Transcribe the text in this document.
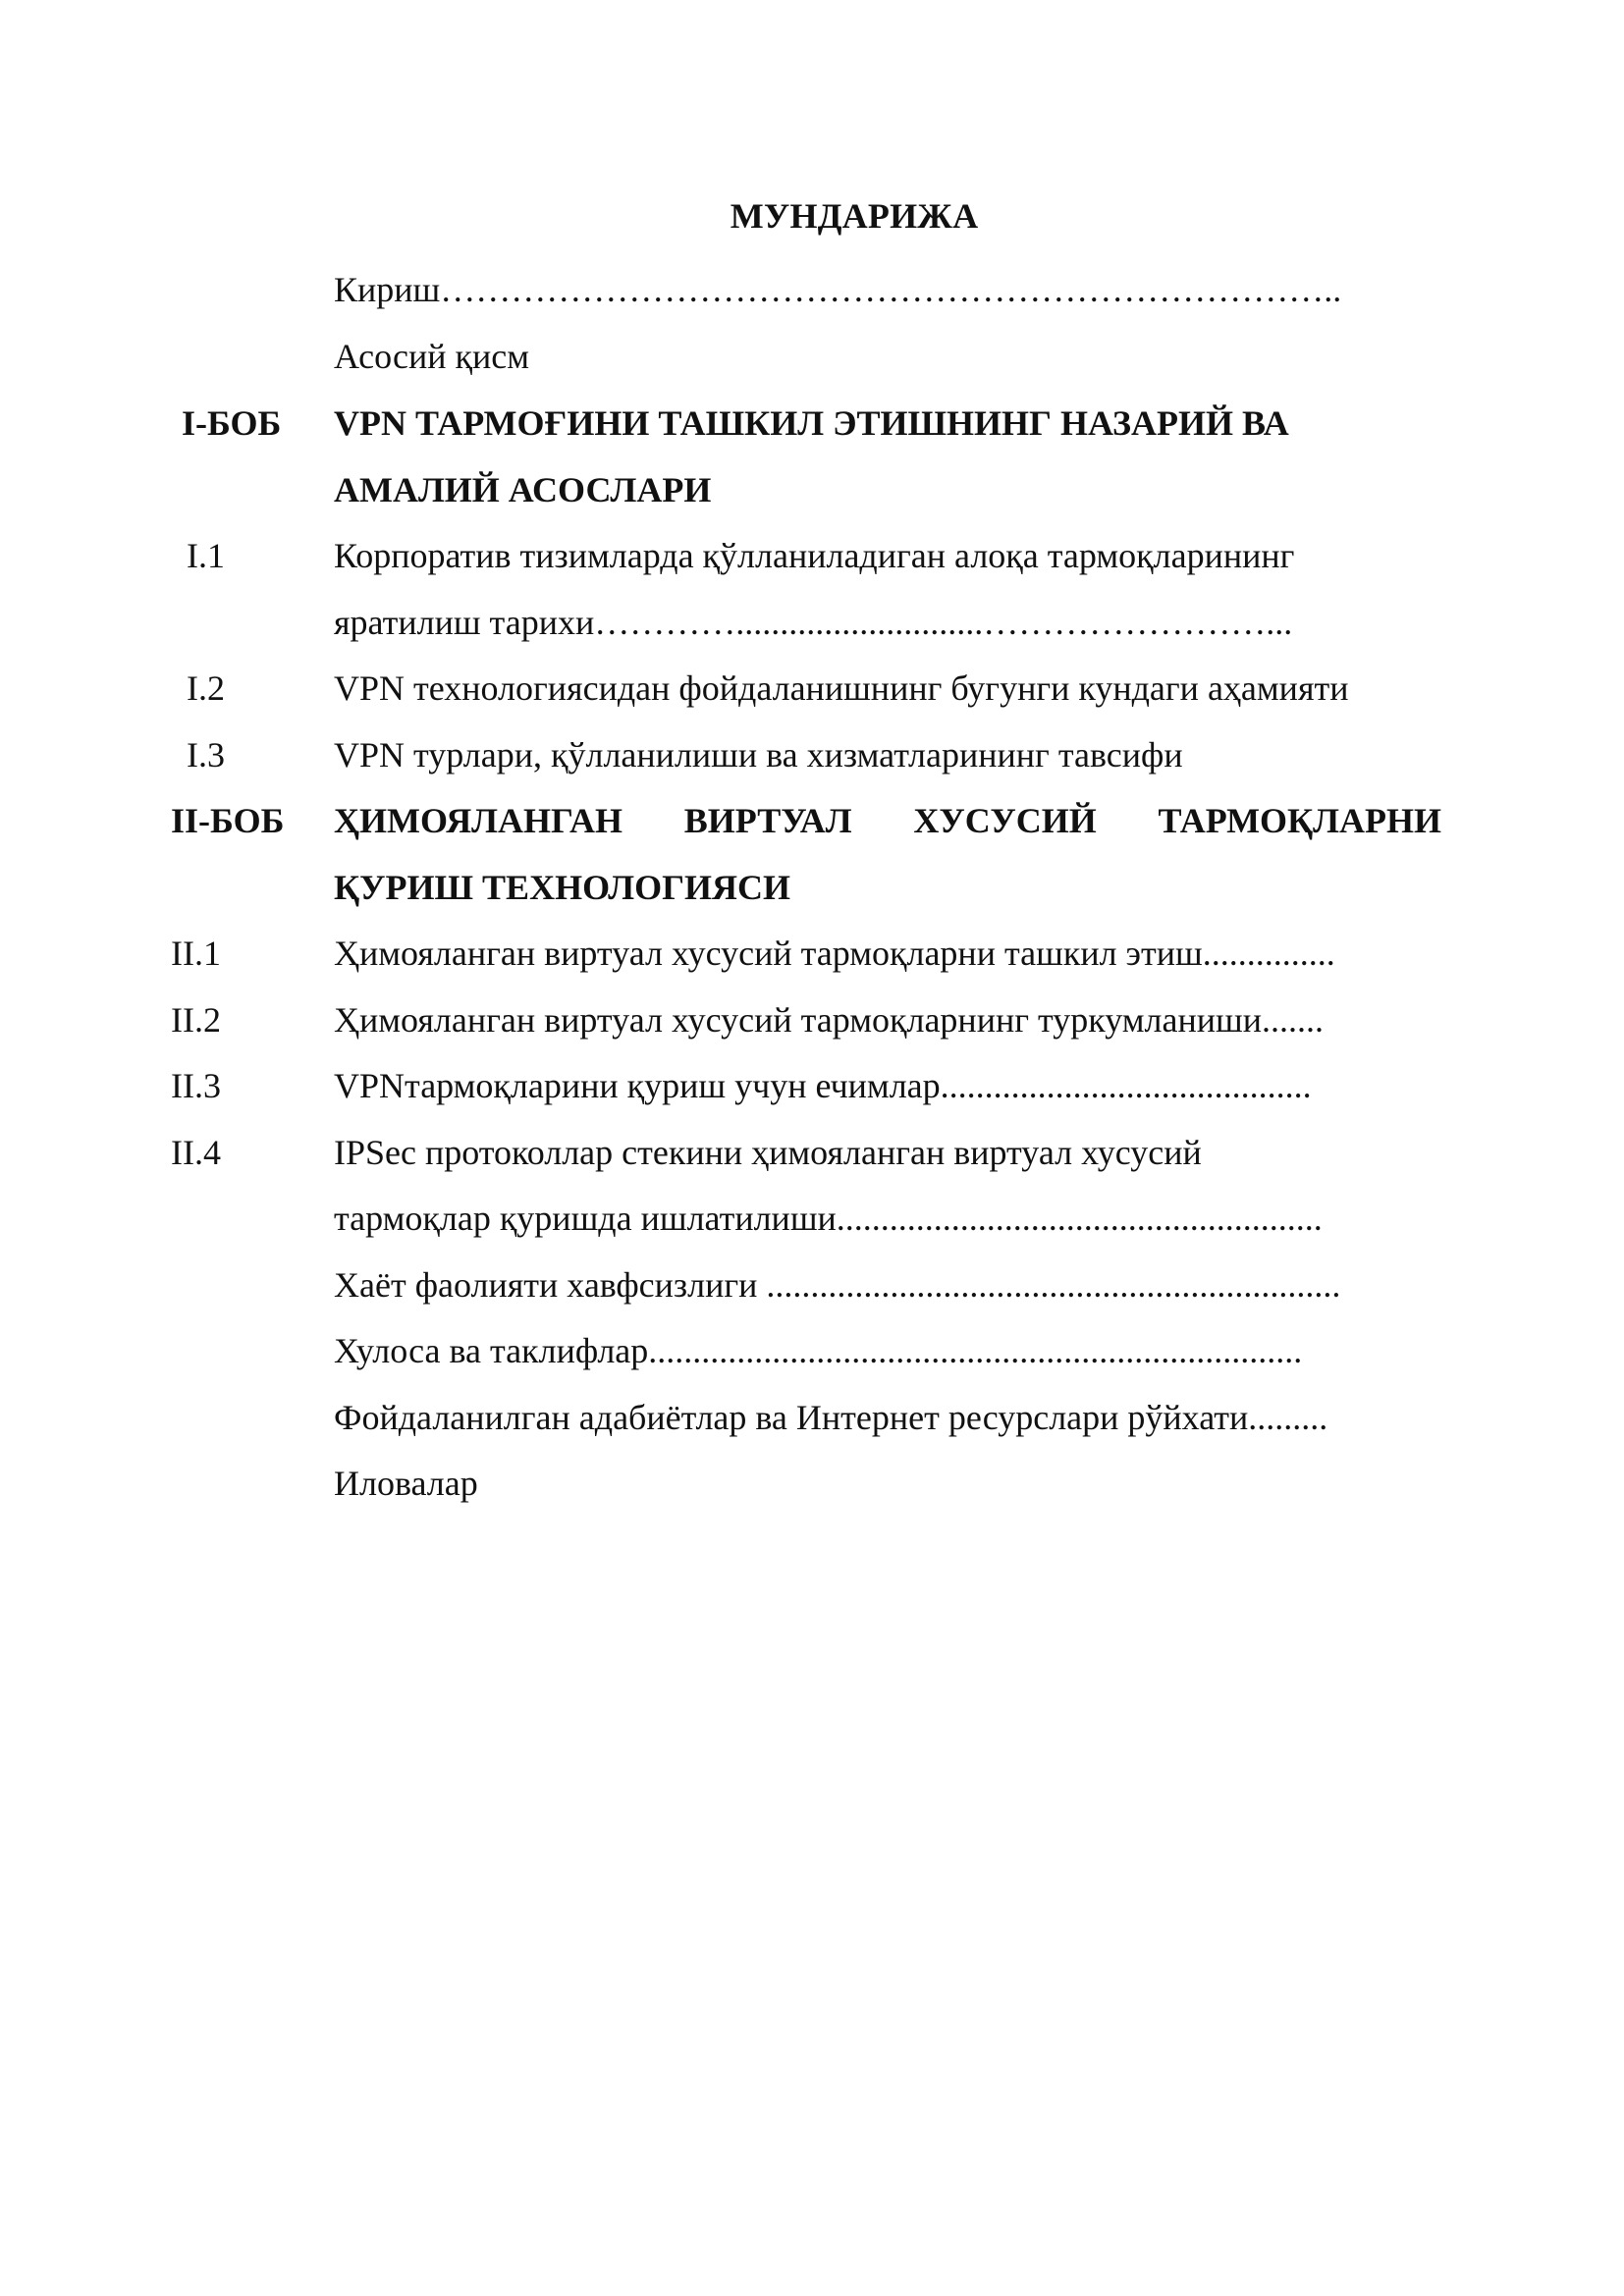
МУНДАРИЖА
Кириш…………………………………………………………………..
Асосий қисм
I-БОБ VPN ТАРМОҒИНИ ТАШКИЛ ЭТИШНИНГ НАЗАРИЙ ВА
АМАЛИЙ АСОСЛАРИ
I.1	Корпоратив тизимларда қўлланиладиган алоқа тармоқларининг
яратилиш тарихи…………............................……………………...
I.2	VPN технологиясидан фойдаланишнинг бугунги кундаги аҳамияти
I.3	VPN турлари, қўлланилиши ва хизматларининг тавсифи
II-БОБ ҲИМОЯЛАНГАН ВИРТУАЛ ХУСУСИЙ ТАРМОҚЛАРНИ
ҚУРИШ ТЕХНОЛОГИЯСИ
II.1	Ҳимояланган виртуал хусусий тармоқларни ташкил этиш...............
II.2	Ҳимояланган виртуал хусусий тармоқларнинг туркумланиши.......
II.3	VPNтармоқларини қуриш учун ечимлар..........................................
II.4	IPSec протоколлар стекини ҳимояланган виртуал хусусий
тармоқлар қуришда ишлатилиши.......................................................
Хаёт фаолияти хавфсизлиги .................................................................
Хулоса ва таклифлар..........................................................................
Фойдаланилган адабиётлар ва Интернет ресурслари рўйхати.........
Иловалар
